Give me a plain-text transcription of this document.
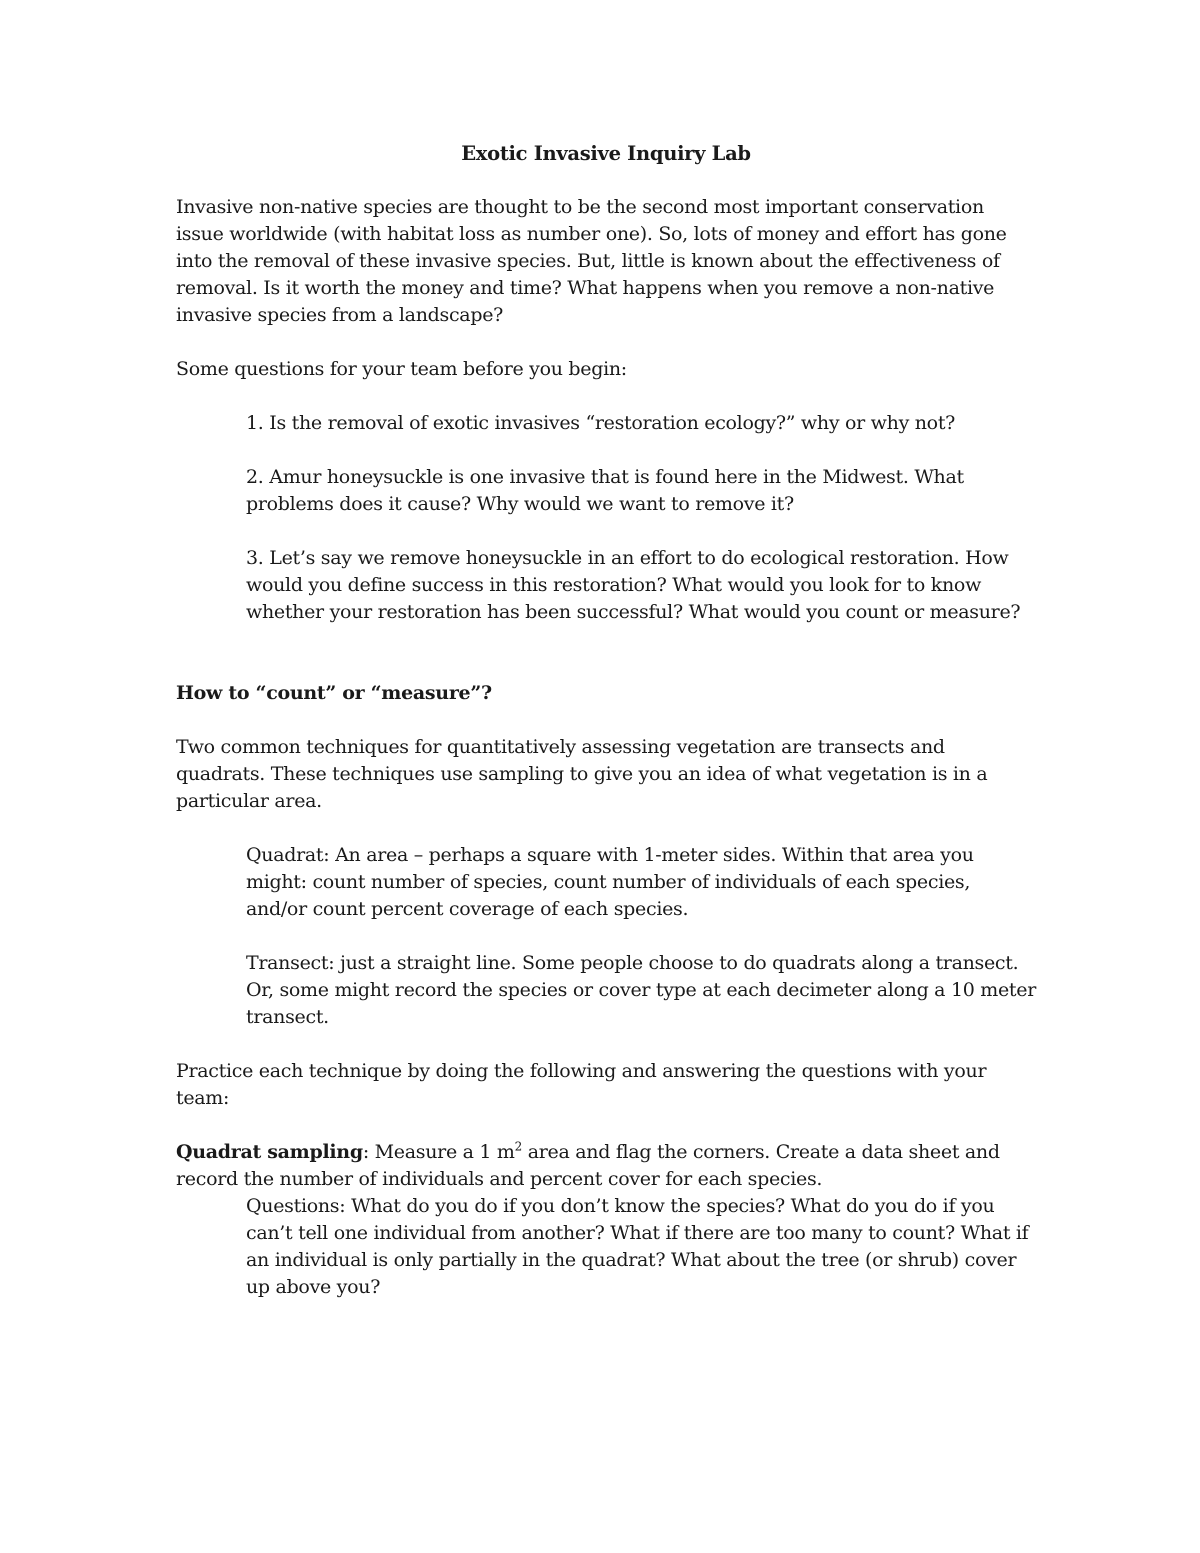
Exotic Invasive Inquiry Lab

Invasive non-native species are thought to be the second most important conservation issue worldwide (with habitat loss as number one). So, lots of money and effort has gone into the removal of these invasive species. But, little is known about the effectiveness of removal. Is it worth the money and time? What happens when you remove a non-native invasive species from a landscape?

Some questions for your team before you begin:

1. Is the removal of exotic invasives “restoration ecology?” why or why not?

2. Amur honeysuckle is one invasive that is found here in the Midwest. What problems does it cause? Why would we want to remove it?

3. Let’s say we remove honeysuckle in an effort to do ecological restoration. How would you define success in this restoration? What would you look for to know whether your restoration has been successful? What would you count or measure?

How to “count” or “measure”?

Two common techniques for quantitatively assessing vegetation are transects and quadrats. These techniques use sampling to give you an idea of what vegetation is in a particular area.

Quadrat: An area – perhaps a square with 1-meter sides. Within that area you might: count number of species, count number of individuals of each species, and/or count percent coverage of each species.

Transect: just a straight line. Some people choose to do quadrats along a transect. Or, some might record the species or cover type at each decimeter along a 10 meter transect.

Practice each technique by doing the following and answering the questions with your team:

Quadrat sampling: Measure a 1 $m^2$ area and flag the corners. Create a data sheet and record the number of individuals and percent cover for each species.

Questions: What do you do if you don’t know the species? What do you do if you can’t tell one individual from another? What if there are too many to count? What if an individual is only partially in the quadrat? What about the tree (or shrub) cover up above you?
